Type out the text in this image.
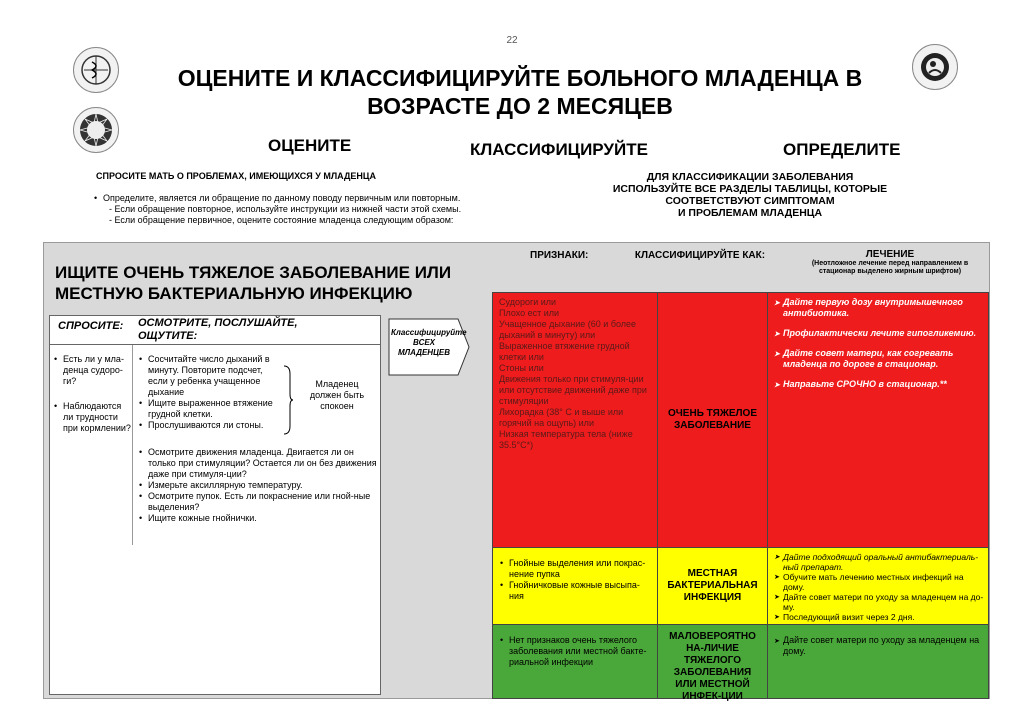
22
ОЦЕНИТЕ И КЛАССИФИЦИРУЙТЕ БОЛЬНОГО МЛАДЕНЦА В ВОЗРАСТЕ ДО 2 МЕСЯЦЕВ
ОЦЕНИТЕ	КЛАССИФИЦИРУЙТЕ	ОПРЕДЕЛИТЕ
СПРОСИТЕ МАТЬ О ПРОБЛЕМАХ, ИМЕЮЩИХСЯ У МЛАДЕНЦА
• Определите, является ли обращение по данному поводу первичным или повторным.
- Если обращение повторное, используйте инструкции из нижней части этой схемы.
- Если обращение первичное, оцените состояние младенца следующим образом:
ДЛЯ КЛАССИФИКАЦИИ ЗАБОЛЕВАНИЯ
ИСПОЛЬЗУЙТЕ ВСЕ РАЗДЕЛЫ ТАБЛИЦЫ, КОТОРЫЕ
СООТВЕТСТВУЮТ СИМПТОМАМ
И ПРОБЛЕМАМ МЛАДЕНЦА
ИЩИТЕ ОЧЕНЬ ТЯЖЕЛОЕ ЗАБОЛЕВАНИЕ ИЛИ МЕСТНУЮ БАКТЕРИАЛЬНУЮ ИНФЕКЦИЮ
ПРИЗНАКИ:	КЛАССИФИЦИРУЙТЕ КАК:	ЛЕЧЕНИЕ
(Неотложное лечение перед направлением в стационар выделено жирным шрифтом)
СПРОСИТЕ: ОСМОТРИТЕ, ПОСЛУШАЙТЕ, ОЩУТИТЕ:
• Есть ли у мла-денца судоро-ги?
• Наблюдаются ли трудности при кормлении?
• Сосчитайте число дыханий в минуту. Повторите подсчет, если у ребенка учащенное дыхание
• Ищите выраженное втяжение грудной клетки.
• Прослушиваются ли стоны.
• Осмотрите движения младенца. Двигается ли он только при стимуляции? Остается ли он без движения даже при стимуля-ции?
• Измерьте аксиллярную температуру.
• Осмотрите пупок. Есть ли покраснение или гной-ные выделения?
• Ищите кожные гнойнички.
Младенец должен быть спокоен
Классифицируйте ВСЕХ МЛАДЕНЦЕВ
Судороги или
Плохо ест или
Учащенное дыхание (60 и более дыханий в минуту) или
Выраженное втяжение грудной клетки или
Стоны или
Движения только при стимуля-ции или отсутствие движений даже при стимуляции
Лихорадка (38° С и выше или горячий на ощупь) или
Низкая температура тела (ниже 35.5°С*)
ОЧЕНЬ ТЯЖЕЛОЕ ЗАБОЛЕВАНИЕ
➤ Дайте первую дозу внутримышечного антибиотика.
➤ Профилактически лечите гипогликемию.
➤ Дайте совет матери, как согревать младенца по дороге в стационар.
➤ Направьте СРОЧНО в стационар.**
• Гнойные выделения или покрас-нение пупка
• Гнойничковые кожные высыпа-ния
МЕСТНАЯ БАКТЕРИАЛЬНАЯ ИНФЕКЦИЯ
➤ Дайте подходящий оральный антибактериаль-ный препарат.
➤ Обучите мать лечению местных инфекций на дому.
➤ Дайте совет матери по уходу за младенцем на до-му.
➤ Последующий визит через 2 дня.
• Нет признаков очень тяжелого заболевания или местной бакте-риальной инфекции
МАЛОВЕРОЯТНО НА-ЛИЧИЕ ТЯЖЕЛОГО ЗАБОЛЕВАНИЯ ИЛИ МЕСТНОЙ ИНФЕК-ЦИИ
➤ Дайте совет матери по уходу за младенцем на дому.
